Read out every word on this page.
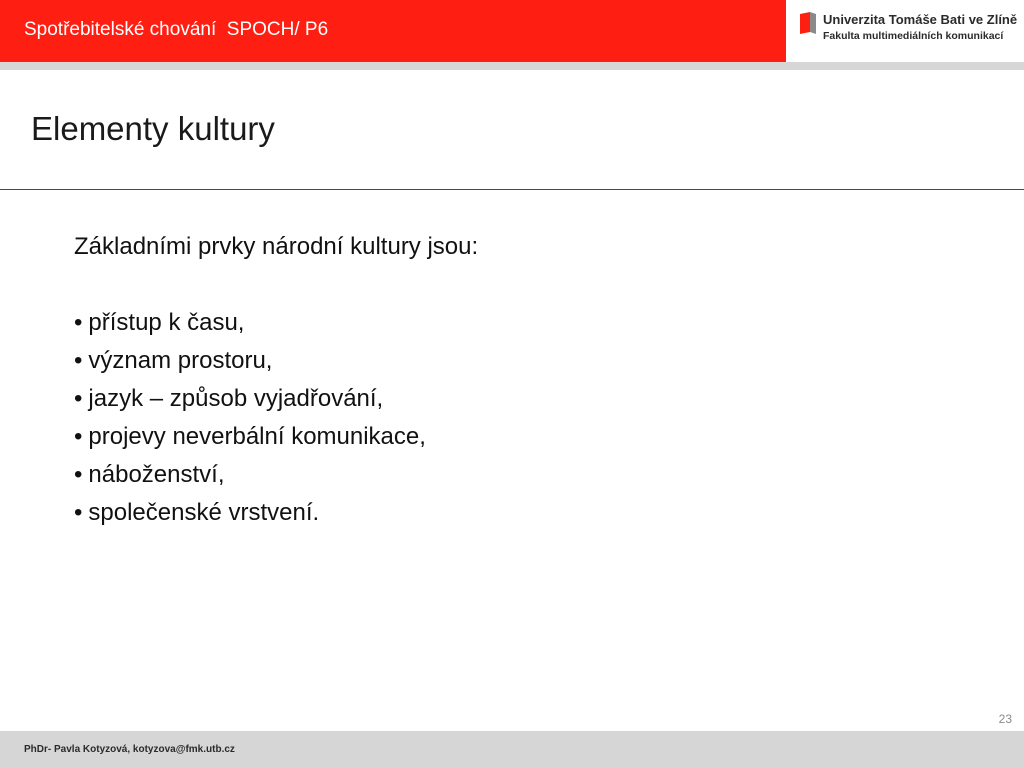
Spotřebitelské chování  SPOCH/ P6	Univerzita Tomáše Bati ve Zlíně
Fakulta multimediálních komunikací
Elementy kultury
Základními prvky národní kultury jsou:
• přístup k času,
• význam prostoru,
• jazyk – způsob vyjadřování,
• projevy neverbální komunikace,
• náboženství,
• společenské vrstvení.
23
PhDr- Pavla Kotyzová, kotyzova@fmk.utb.cz
